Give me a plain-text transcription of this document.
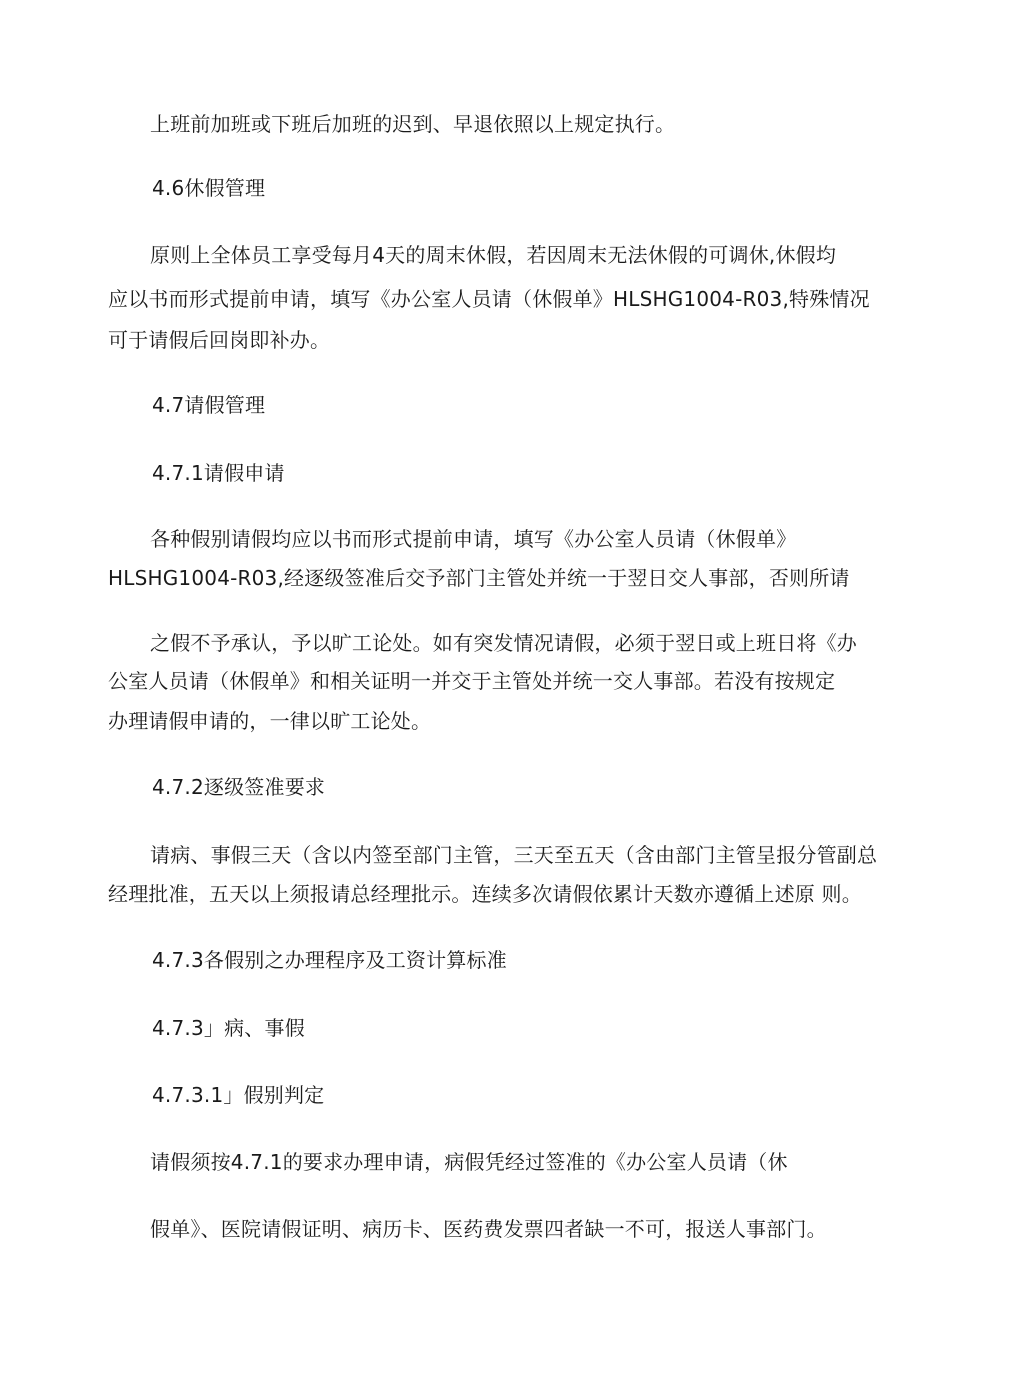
上班前加班或下班后加班的迟到、早退依照以上规定执行。
4.6休假管理
原则上全体员工享受每月4天的周末休假，若因周末无法休假的可调休,休假均
应以书而形式提前申请，填写《办公室人员请（休假单》HLSHG1004-R03,特殊情况
可于请假后回岗即补办。
4.7请假管理
4.7.1请假申请
各种假别请假均应以书而形式提前申请，填写《办公室人员请（休假单》
HLSHG1004-R03,经逐级签准后交予部门主管处并统一于翌日交人事部，否则所请
之假不予承认，予以旷工论处。如有突发情况请假，必须于翌日或上班日将《办
公室人员请（休假单》和相关证明一并交于主管处并统一交人事部。若没有按规定
办理请假申请的，一律以旷工论处。
4.7.2逐级签准要求
请病、事假三天（含以内签至部门主管，三天至五天（含由部门主管呈报分管副总
经理批准，五天以上须报请总经理批示。连续多次请假依累计天数亦遵循上述原 则。
4.7.3各假别之办理程序及工资计算标准
4.7.3」病、事假
4.7.3.1」假别判定
请假须按4.7.1的要求办理申请，病假凭经过签准的《办公室人员请（休
假单》、医院请假证明、病历卡、医药费发票四者缺一不可，报送人事部门。
